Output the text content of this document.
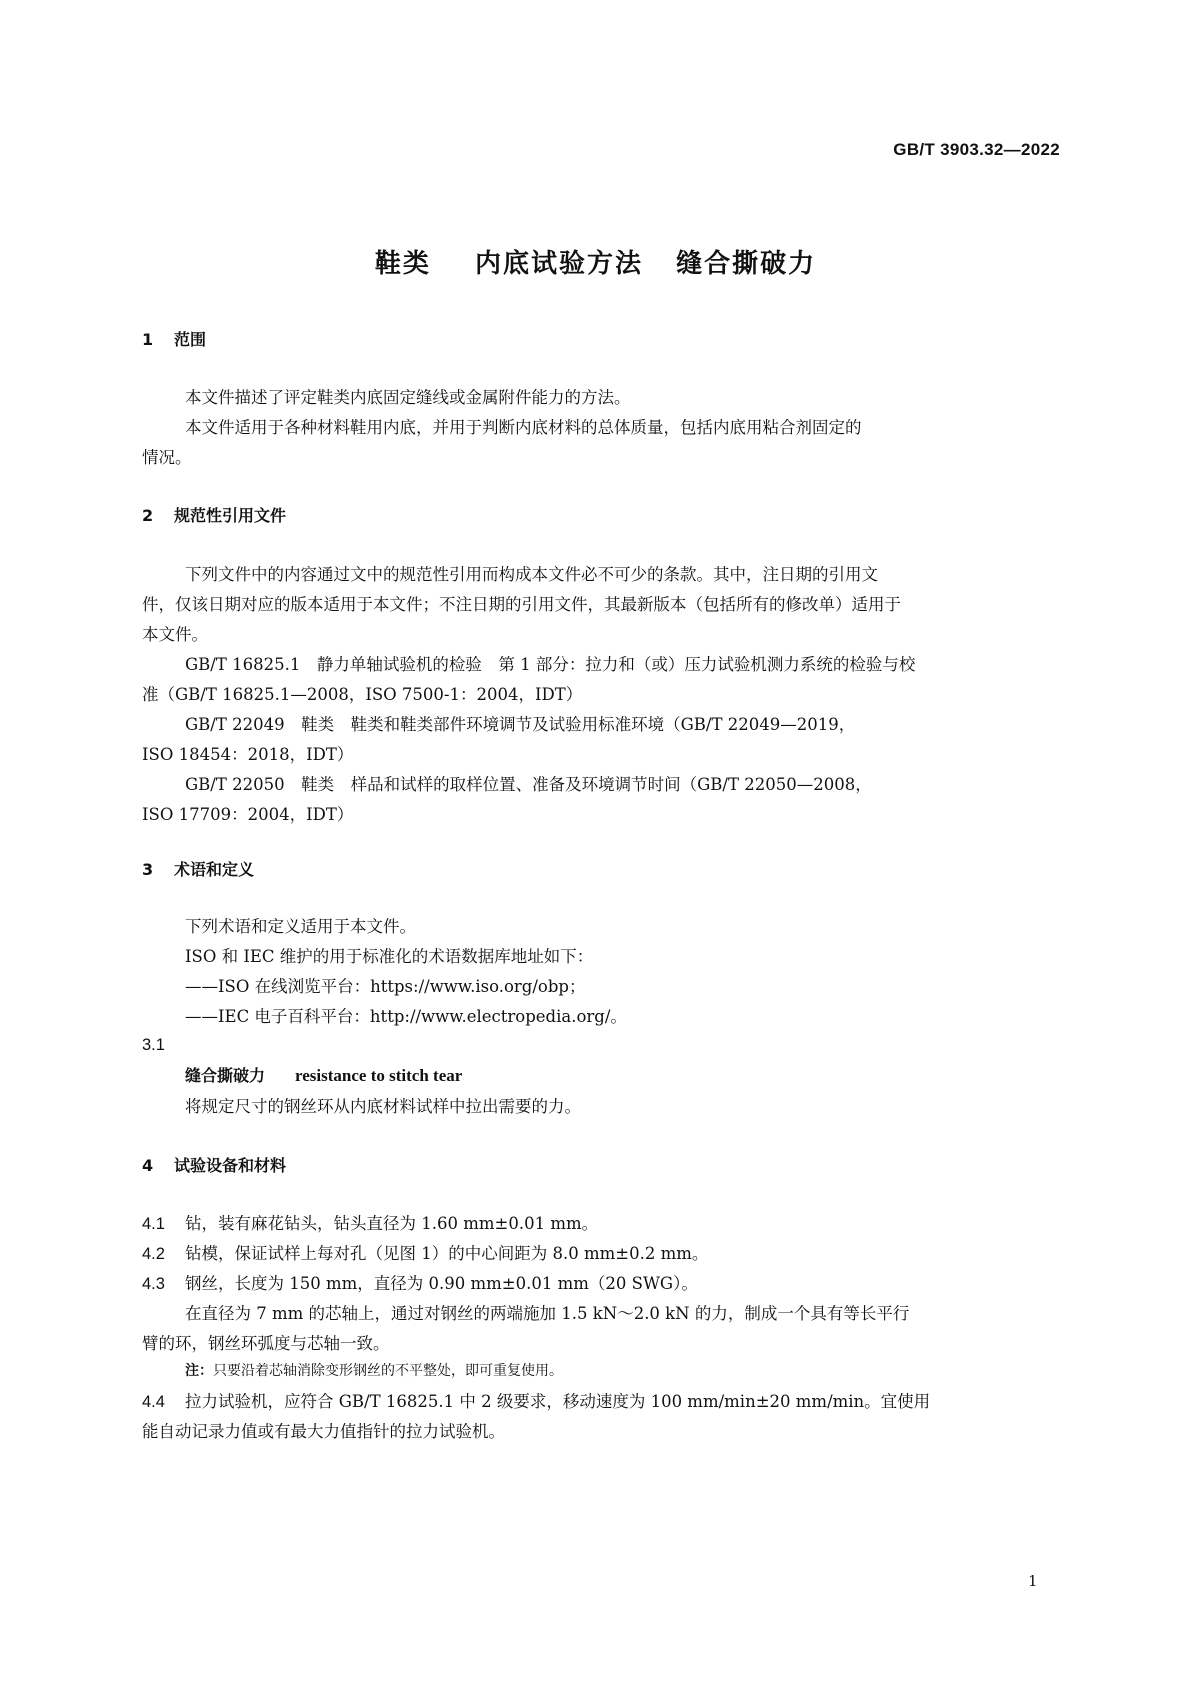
GB/T 3903.32—2022
鞋类    内底试验方法   缝合撕破力
1 范围
本文件描述了评定鞋类内底固定缝线或金属附件能力的方法。
本文件适用于各种材料鞋用内底，并用于判断内底材料的总体质量，包括内底用粘合剂固定的
情况。
2 规范性引用文件
下列文件中的内容通过文中的规范性引用而构成本文件必不可少的条款。其中，注日期的引用文
件，仅该日期对应的版本适用于本文件；不注日期的引用文件，其最新版本（包括所有的修改单）适用于
本文件。
GB/T 16825.1　静力单轴试验机的检验　第 1 部分：拉力和（或）压力试验机测力系统的检验与校
准（GB/T 16825.1—2008，ISO 7500-1：2004，IDT）
GB/T 22049　鞋类　鞋类和鞋类部件环境调节及试验用标准环境（GB/T 22049—2019，
ISO 18454：2018，IDT）
GB/T 22050　鞋类　样品和试样的取样位置、准备及环境调节时间（GB/T 22050—2008，
ISO 17709：2004，IDT）
3 术语和定义
下列术语和定义适用于本文件。
ISO 和 IEC 维护的用于标准化的术语数据库地址如下：
——ISO 在线浏览平台：https://www.iso.org/obp；
——IEC 电子百科平台：http://www.electropedia.org/。
3.1
缝合撕破力 resistance to stitch tear
将规定尺寸的钢丝环从内底材料试样中拉出需要的力。
4 试验设备和材料
4.1 钻，装有麻花钻头，钻头直径为 1.60 mm±0.01 mm。
4.2 钻模，保证试样上每对孔（见图 1）的中心间距为 8.0 mm±0.2 mm。
4.3 钢丝，长度为 150 mm，直径为 0.90 mm±0.01 mm（20 SWG）。
在直径为 7 mm 的芯轴上，通过对钢丝的两端施加 1.5 kN～2.0 kN 的力，制成一个具有等长平行
臂的环，钢丝环弧度与芯轴一致。
注：只要沿着芯轴消除变形钢丝的不平整处，即可重复使用。
4.4 拉力试验机，应符合 GB/T 16825.1 中 2 级要求，移动速度为 100 mm/min±20 mm/min。宜使用
能自动记录力值或有最大力值指针的拉力试验机。
1
